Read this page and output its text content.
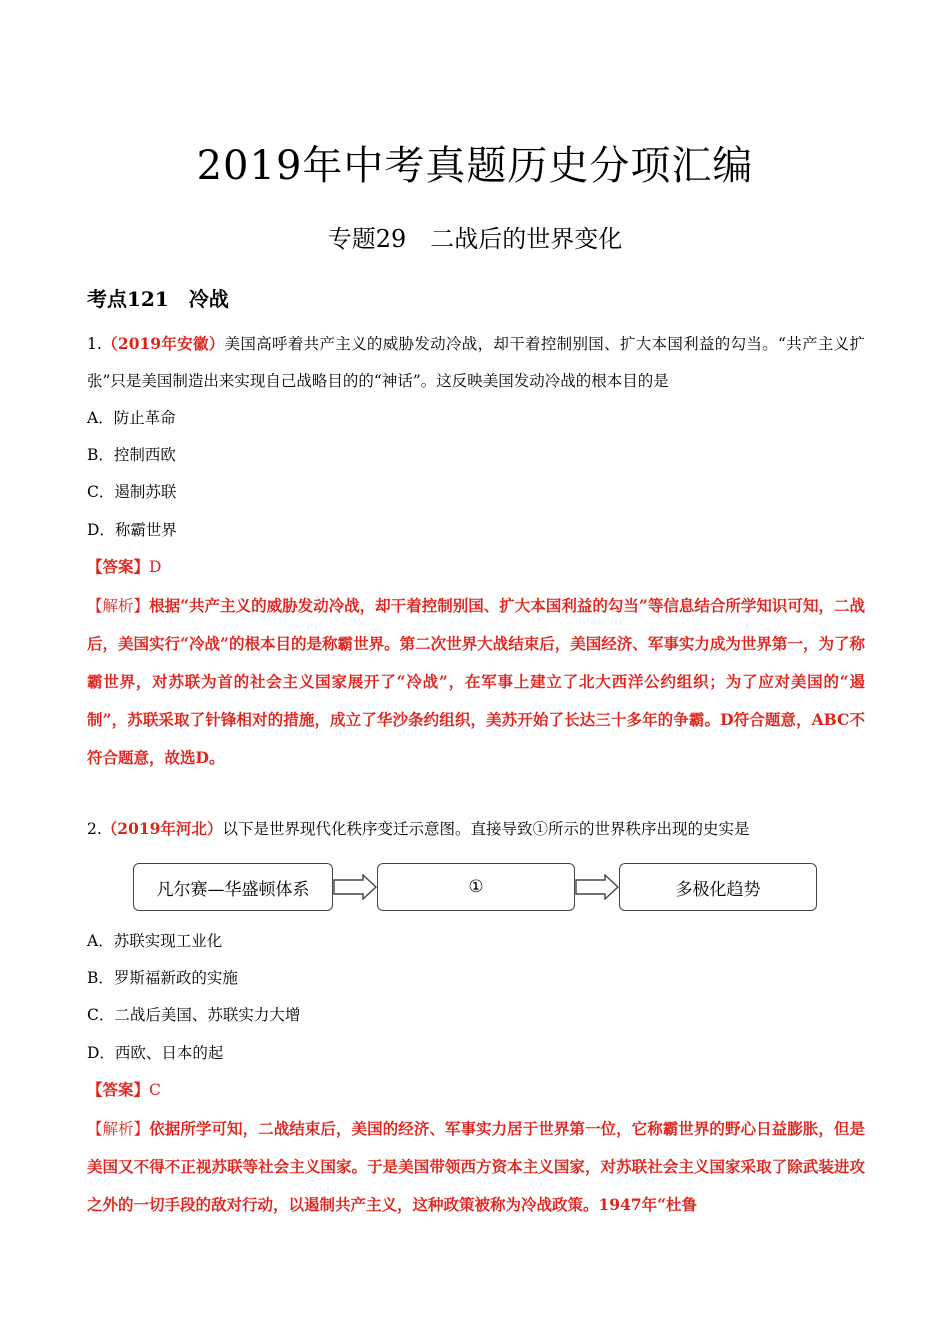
2019年中考真题历史分项汇编
专题29　二战后的世界变化
考点121　冷战
1.（2019年安徽）美国高呼着共产主义的威胁发动冷战，却干着控制别国、扩大本国利益的勾当。“共产主义扩张”只是美国制造出来实现自己战略目的的“神话”。这反映美国发动冷战的根本目的是
A．防止革命
B．控制西欧
C．遏制苏联
D．称霸世界
【答案】D
【解析】根据“共产主义的威胁发动冷战，却干着控制别国、扩大本国利益的勾当”等信息结合所学知识可知，二战后，美国实行“冷战”的根本目的是称霸世界。第二次世界大战结束后，美国经济、军事实力成为世界第一，为了称霸世界，对苏联为首的社会主义国家展开了“冷战”，在军事上建立了北大西洋公约组织；为了应对美国的“遏制”，苏联采取了针锋相对的措施，成立了华沙条约组织，美苏开始了长达三十多年的争霸。D符合题意，ABC不符合题意，故选D。
2.（2019年河北）以下是世界现代化秩序变迁示意图。直接导致①所示的世界秩序出现的史实是
凡尔赛—华盛顿体系	①	多极化趋势
A．苏联实现工业化
B．罗斯福新政的实施
C．二战后美国、苏联实力大增
D．西欧、日本的起
【答案】C
【解析】依据所学可知，二战结束后，美国的经济、军事实力居于世界第一位，它称霸世界的野心日益膨胀，但是美国又不得不正视苏联等社会主义国家。于是美国带领西方资本主义国家，对苏联社会主义国家采取了除武装进攻之外的一切手段的敌对行动，以遏制共产主义，这种政策被称为冷战政策。1947年“杜鲁
